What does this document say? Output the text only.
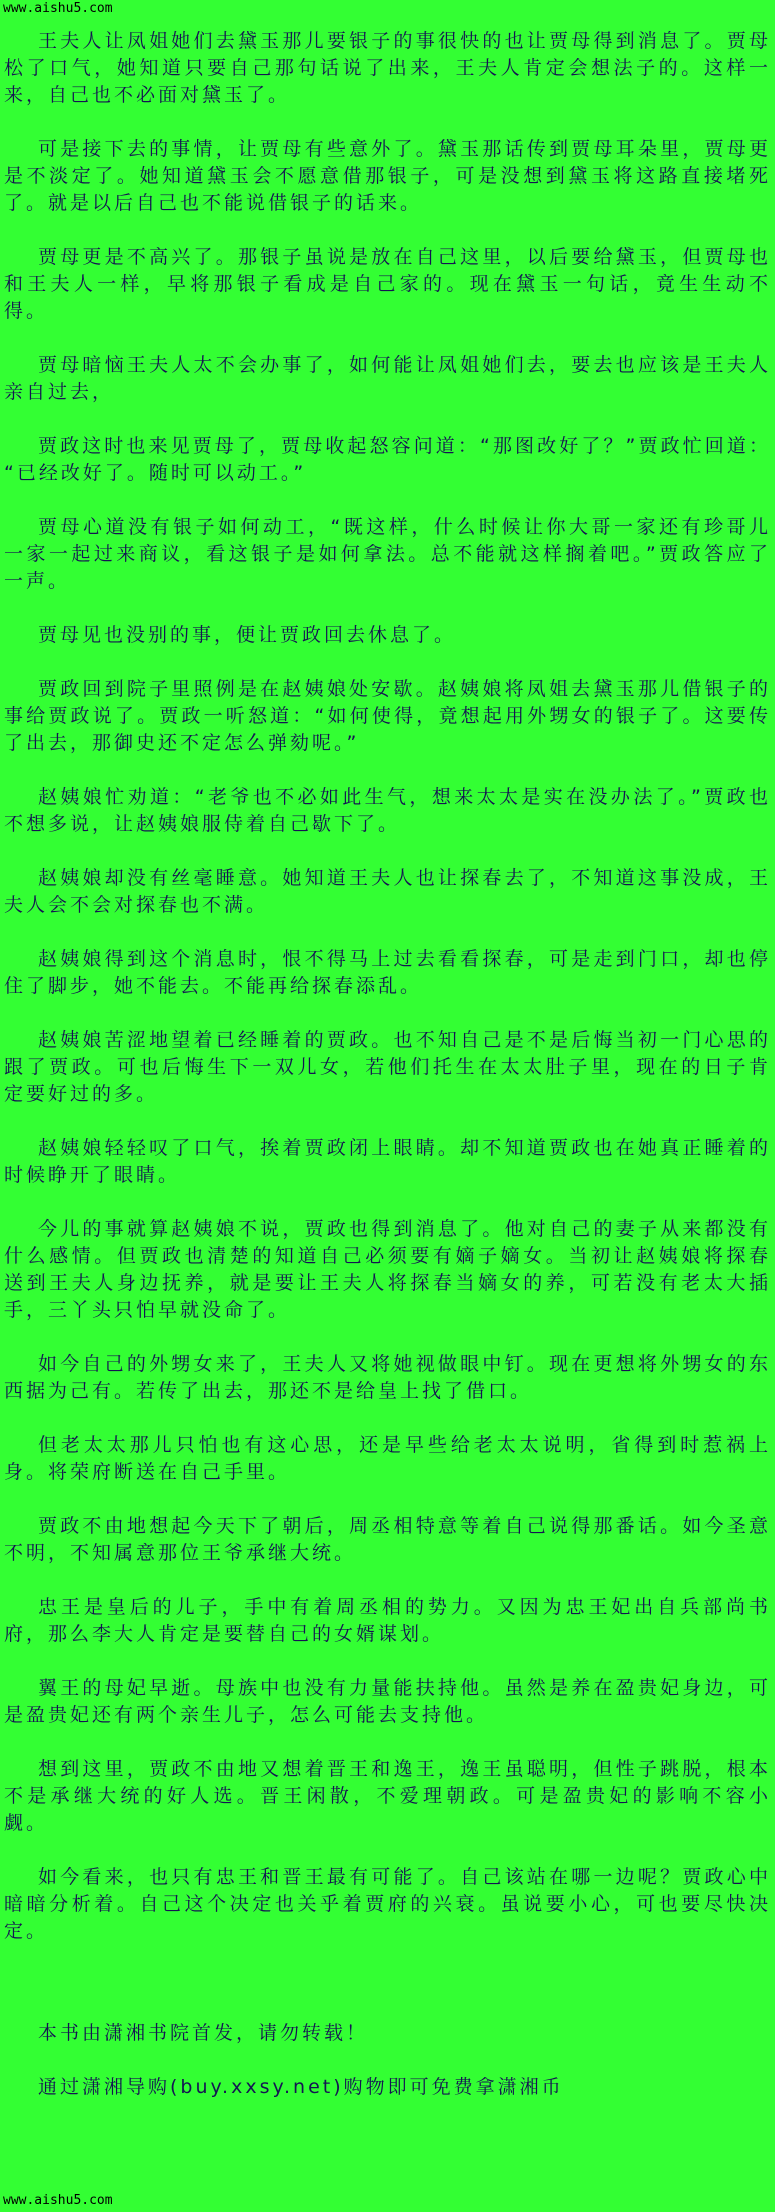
www.aishu5.com

王夫人让凤姐她们去黛玉那儿要银子的事很快的也让贾母得到消息了。贾母松了口气，她知道只要自己那句话说了出来，王夫人肯定会想法子的。这样一来，自己也不必面对黛玉了。

可是接下去的事情，让贾母有些意外了。黛玉那话传到贾母耳朵里，贾母更是不淡定了。她知道黛玉会不愿意借那银子，可是没想到黛玉将这路直接堵死了。就是以后自己也不能说借银子的话来。

贾母更是不高兴了。那银子虽说是放在自己这里，以后要给黛玉，但贾母也和王夫人一样，早将那银子看成是自己家的。现在黛玉一句话，竟生生动不得。

贾母暗恼王夫人太不会办事了，如何能让凤姐她们去，要去也应该是王夫人亲自过去，

贾政这时也来见贾母了，贾母收起怒容问道：“那图改好了？”贾政忙回道：“已经改好了。随时可以动工。”

贾母心道没有银子如何动工，“既这样，什么时候让你大哥一家还有珍哥儿一家一起过来商议，看这银子是如何拿法。总不能就这样搁着吧。”贾政答应了一声。

贾母见也没别的事，便让贾政回去休息了。

贾政回到院子里照例是在赵姨娘处安歇。赵姨娘将凤姐去黛玉那儿借银子的事给贾政说了。贾政一听怒道：“如何使得，竟想起用外甥女的银子了。这要传了出去，那御史还不定怎么弹劾呢。”

赵姨娘忙劝道：“老爷也不必如此生气，想来太太是实在没办法了。”贾政也不想多说，让赵姨娘服侍着自己歇下了。

赵姨娘却没有丝毫睡意。她知道王夫人也让探春去了，不知道这事没成，王夫人会不会对探春也不满。

赵姨娘得到这个消息时，恨不得马上过去看看探春，可是走到门口，却也停住了脚步，她不能去。不能再给探春添乱。

赵姨娘苦涩地望着已经睡着的贾政。也不知自己是不是后悔当初一门心思的跟了贾政。可也后悔生下一双儿女，若他们托生在太太肚子里，现在的日子肯定要好过的多。

赵姨娘轻轻叹了口气，挨着贾政闭上眼睛。却不知道贾政也在她真正睡着的时候睁开了眼睛。

今儿的事就算赵姨娘不说，贾政也得到消息了。他对自己的妻子从来都没有什么感情。但贾政也清楚的知道自己必须要有嫡子嫡女。当初让赵姨娘将探春送到王夫人身边抚养，就是要让王夫人将探春当嫡女的养，可若没有老太大插手，三丫头只怕早就没命了。

如今自己的外甥女来了，王夫人又将她视做眼中钉。现在更想将外甥女的东西据为己有。若传了出去，那还不是给皇上找了借口。

但老太太那儿只怕也有这心思，还是早些给老太太说明，省得到时惹祸上身。将荣府断送在自己手里。

贾政不由地想起今天下了朝后，周丞相特意等着自己说得那番话。如今圣意不明，不知属意那位王爷承继大统。

忠王是皇后的儿子，手中有着周丞相的势力。又因为忠王妃出自兵部尚书府，那么李大人肯定是要替自己的女婿谋划。

翼王的母妃早逝。母族中也没有力量能扶持他。虽然是养在盈贵妃身边，可是盈贵妃还有两个亲生儿子，怎么可能去支持他。

想到这里，贾政不由地又想着晋王和逸王，逸王虽聪明，但性子跳脱，根本不是承继大统的好人选。晋王闲散，不爱理朝政。可是盈贵妃的影响不容小觑。

如今看来，也只有忠王和晋王最有可能了。自己该站在哪一边呢？贾政心中暗暗分析着。自己这个决定也关乎着贾府的兴衰。虽说要小心，可也要尽快决定。

本书由潇湘书院首发，请勿转载！

通过潇湘导购(buy.xxsy.net)购物即可免费拿潇湘币

www.aishu5.com
